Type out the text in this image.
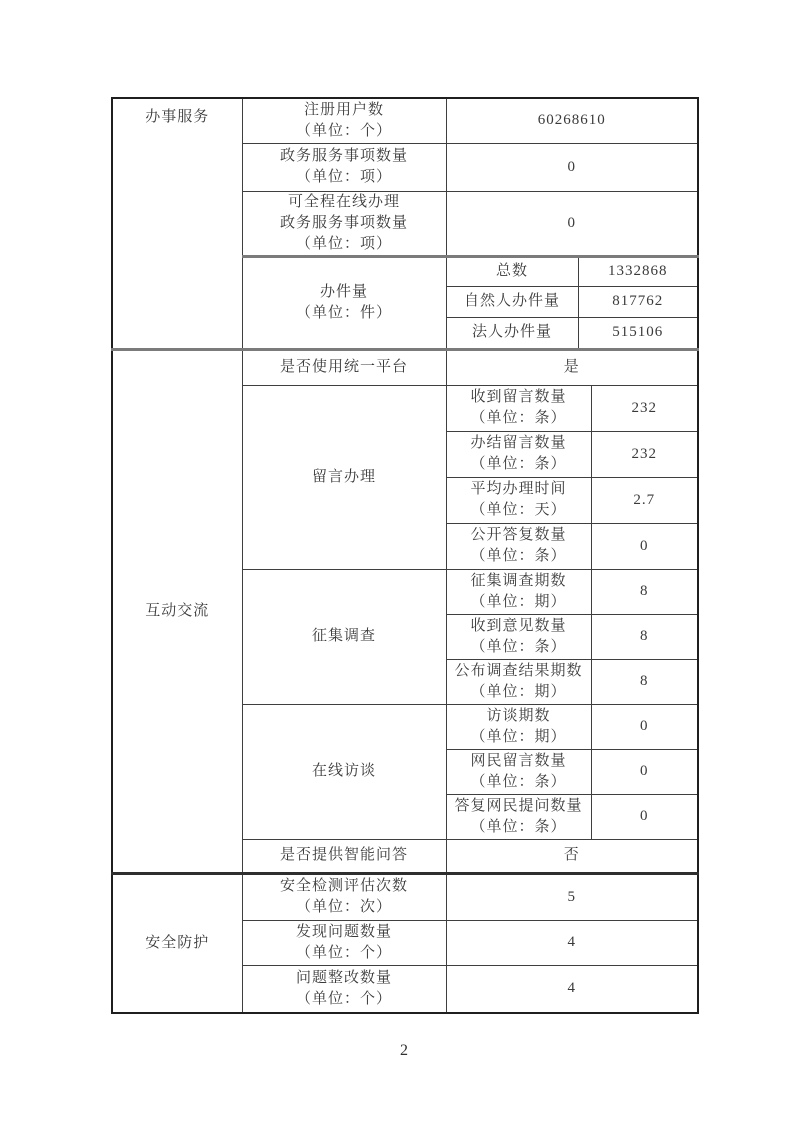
办事服务	注册用户数
（单位：个）	60268610		

	政务服务事项数量
（单位：项）	0		

	可全程在线办理
政务服务事项数量
（单位：项）	0		

	办件量
（单位：件）	总数	1332868	
		自然人办件量	817762	
		法人办件量	515106	
互动交流	是否使用统一平台	是		
	留言办理	收到留言数量
（单位：条）		232

		办结留言数量
（单位：条）		232

		平均办理时间
（单位：天）		2.7

		公开答复数量
（单位：条）		0
	征集调查	征集调查期数
（单位：期）		8

		收到意见数量
（单位：条）		8

		公布调查结果期数
（单位：期）		8
	在线访谈	访谈期数
（单位：期）		0

		网民留言数量
（单位：条）		0

		答复网民提问数量
（单位：条）		0
	是否提供智能问答	否		
安全防护	安全检测评估次数
（单位：次）	5		

	发现问题数量
（单位：个）	4		

	问题整改数量
（单位：个）	4		
2
